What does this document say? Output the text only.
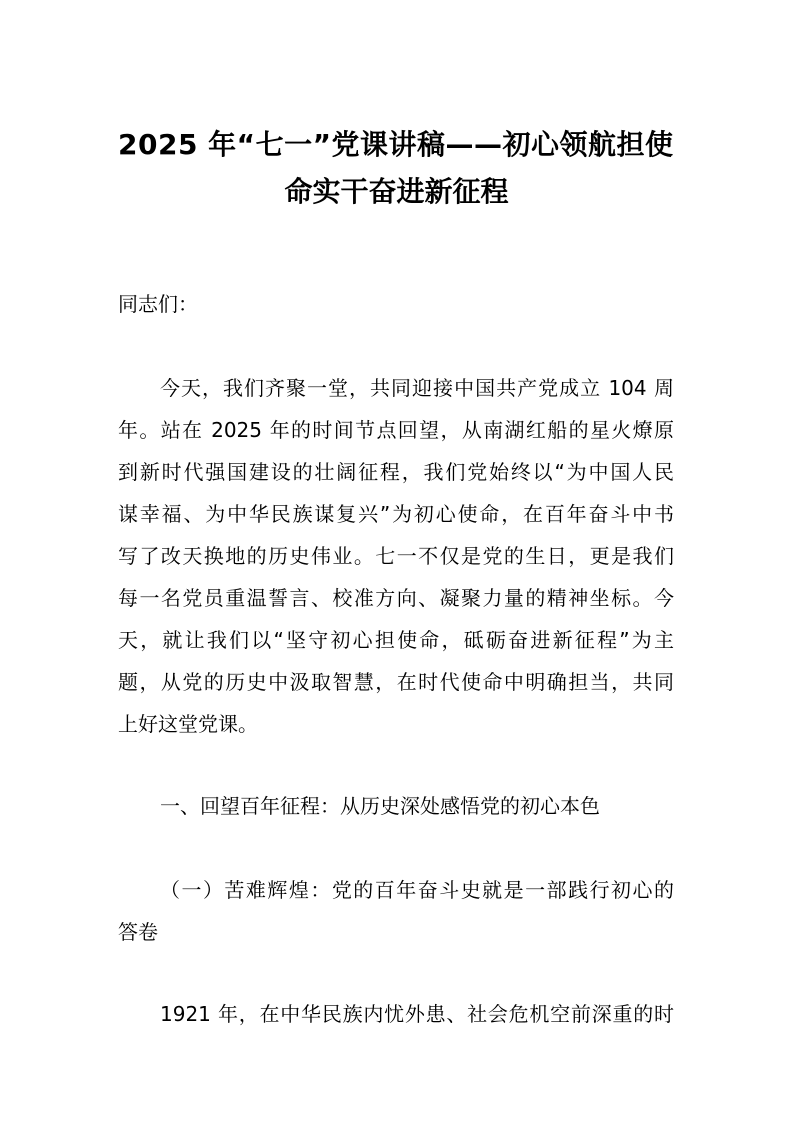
2025 年“七一”党课讲稿——初心领航担使
命实干奋进新征程

同志们：

今天，我们齐聚一堂，共同迎接中国共产党成立 104 周

年。站在 2025 年的时间节点回望，从南湖红船的星火燎原

到新时代强国建设的壮阔征程，我们党始终以“为中国人民

谋幸福、为中华民族谋复兴”为初心使命，在百年奋斗中书

写了改天换地的历史伟业。七一不仅是党的生日，更是我们

每一名党员重温誓言、校准方向、凝聚力量的精神坐标。今

天，就让我们以“坚守初心担使命，砥砺奋进新征程”为主

题，从党的历史中汲取智慧，在时代使命中明确担当，共同

上好这堂党课。

一、回望百年征程：从历史深处感悟党的初心本色

（一）苦难辉煌：党的百年奋斗史就是一部践行初心的

答卷

1921 年，在中华民族内忧外患、社会危机空前深重的时
